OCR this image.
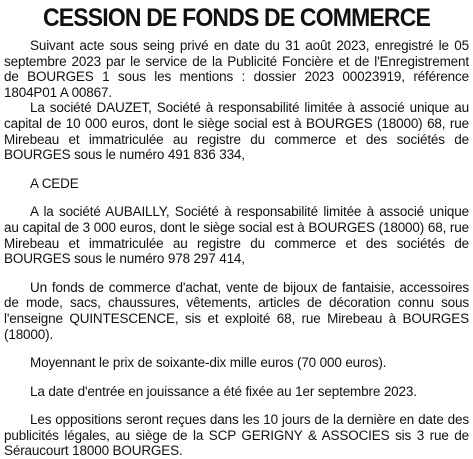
CESSION DE FONDS DE COMMERCE

Suivant acte sous seing privé en date du 31 août 2023, enregistré le 05 septembre 2023 par le service de la Publicité Foncière et de l'Enregistrement de BOURGES 1 sous les mentions : dossier 2023 00023919, référence 1804P01 A 00867.

La société DAUZET, Société à responsabilité limitée à associé unique au capital de 10 000 euros, dont le siège social est à BOURGES (18000) 68, rue Mirebeau et immatriculée au registre du commerce et des sociétés de BOURGES sous le numéro 491 836 334,

A CEDE

A la société AUBAILLY, Société à responsabilité limitée à associé unique au capital de 3 000 euros, dont le siège social est à BOURGES (18000) 68, rue Mirebeau et immatriculée au registre du commerce et des sociétés de BOURGES sous le numéro 978 297 414,

Un fonds de commerce d'achat, vente de bijoux de fantaisie, accessoires de mode, sacs, chaussures, vêtements, articles de décoration connu sous l'enseigne QUINTESCENCE, sis et exploité 68, rue Mirebeau à BOURGES (18000).

Moyennant le prix de soixante-dix mille euros (70 000 euros).

La date d'entrée en jouissance a été fixée au 1er septembre 2023.

Les oppositions seront reçues dans les 10 jours de la dernière en date des publicités légales, au siège de la SCP GERIGNY & ASSOCIES sis 3 rue de Séraucourt 18000 BOURGES.
